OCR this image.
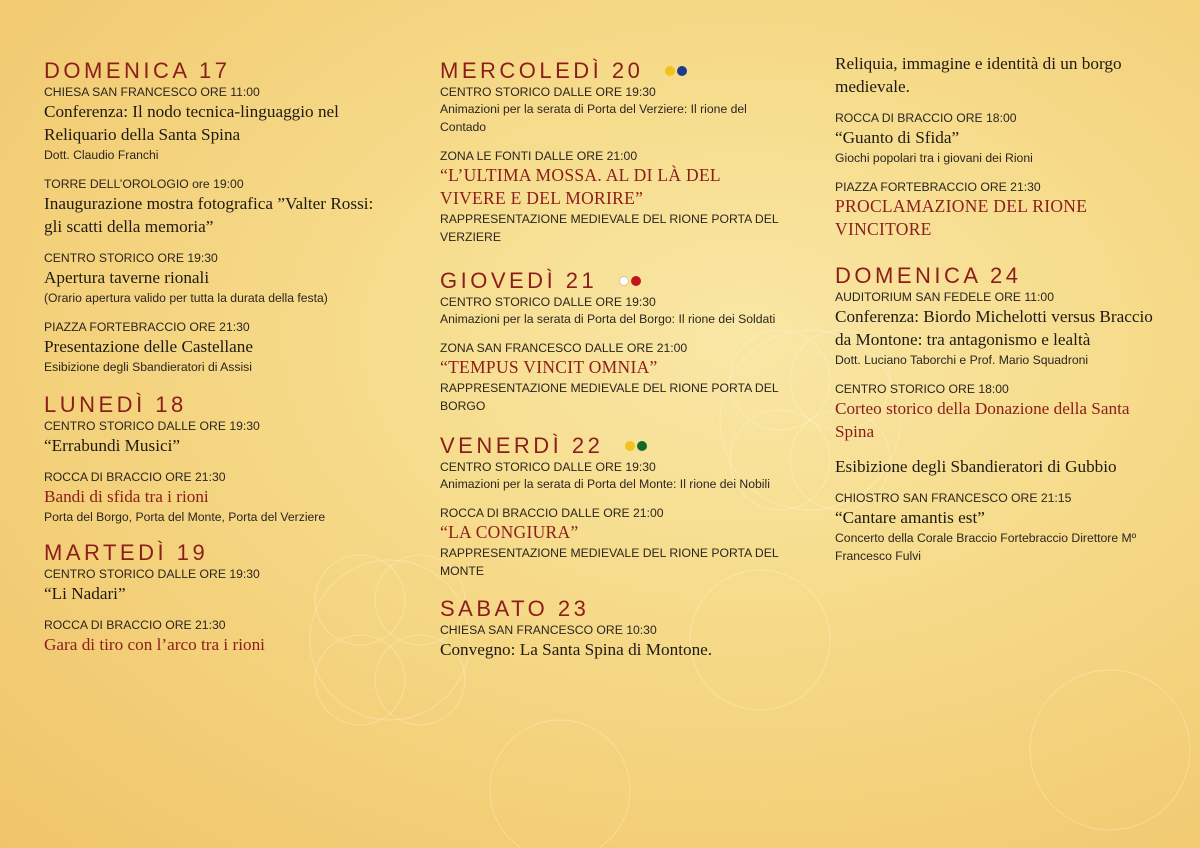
DOMENICA 17
CHIESA SAN FRANCESCO ORE 11:00
Conferenza: Il nodo tecnica-linguaggio nel Reliquario della Santa Spina
Dott. Claudio Franchi
TORRE DELL’OROLOGIO ore 19:00
Inaugurazione mostra fotografica ”Valter Rossi: gli scatti della memoria”
CENTRO STORICO ORE 19:30
Apertura taverne rionali
(Orario apertura valido per tutta la durata della festa)
PIAZZA FORTEBRACCIO ORE 21:30
Presentazione delle Castellane
Esibizione degli Sbandieratori di Assisi
LUNEDÌ 18
CENTRO STORICO DALLE ORE 19:30
“Errabundi Musici”
ROCCA DI BRACCIO ORE 21:30
Bandi di sfida tra i rioni
Porta del Borgo, Porta del Monte, Porta del Verziere
MARTEDÌ 19
CENTRO STORICO DALLE ORE 19:30
“Li Nadari”
ROCCA DI BRACCIO ORE 21:30
Gara di tiro con l’arco tra i rioni
MERCOLEDÌ 20
CENTRO STORICO DALLE ORE 19:30
Animazioni per la serata di Porta del Verziere: Il rione del Contado
ZONA LE FONTI DALLE ORE 21:00
“L’ULTIMA MOSSA. AL DI LÀ DEL VIVERE E DEL MORIRE”
RAPPRESENTAZIONE MEDIEVALE DEL RIONE PORTA DEL VERZIERE
GIOVEDÌ 21
CENTRO STORICO DALLE ORE 19:30
Animazioni per la serata di Porta del Borgo: Il rione dei Soldati
ZONA SAN FRANCESCO DALLE ORE 21:00
“TEMPUS VINCIT OMNIA”
RAPPRESENTAZIONE MEDIEVALE DEL RIONE PORTA DEL BORGO
VENERDÌ 22
CENTRO STORICO DALLE ORE 19:30
Animazioni per la serata di Porta del Monte: Il rione dei Nobili
ROCCA DI BRACCIO DALLE ORE 21:00
“LA CONGIURA”
RAPPRESENTAZIONE MEDIEVALE DEL RIONE PORTA DEL MONTE
SABATO 23
CHIESA SAN FRANCESCO ORE 10:30
Convegno: La Santa Spina di Montone.
Reliquia, immagine e identità di un borgo medievale.
ROCCA DI BRACCIO ORE 18:00
“Guanto di Sfida”
Giochi popolari tra i giovani dei Rioni
PIAZZA FORTEBRACCIO ORE 21:30
PROCLAMAZIONE DEL RIONE VINCITORE
DOMENICA 24
AUDITORIUM SAN FEDELE ORE 11:00
Conferenza: Biordo Michelotti versus Braccio da Montone: tra antagonismo e lealtà
Dott. Luciano Taborchi e Prof. Mario Squadroni
CENTRO STORICO ORE 18:00
Corteo storico della Donazione della Santa Spina
Esibizione degli Sbandieratori di Gubbio
CHIOSTRO SAN FRANCESCO ORE 21:15
“Cantare amantis est”
Concerto della Corale Braccio Fortebraccio Direttore Mº Francesco Fulvi
